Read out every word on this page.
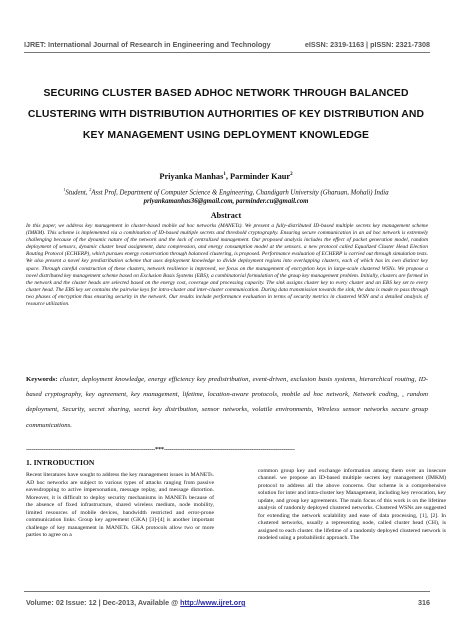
IJRET: International Journal of Research in Engineering and Technology	eISSN: 2319-1163 | pISSN: 2321-7308
SECURING CLUSTER BASED ADHOC NETWORK THROUGH BALANCED CLUSTERING WITH DISTRIBUTION AUTHORITIES OF KEY DISTRIBUTION AND KEY MANAGEMENT USING DEPLOYMENT KNOWLEDGE
Priyanka Manhas$^1$, Parminder Kaur$^2$
$^1$Student, $^2$Asst Prof, Department of Computer Science & Engineering, Chandigarh University (Gharuan, Mohali) India
priyankamanhas36@gmail.com, parminder.cu@gmail.com
Abstract
In this paper, we address key management in cluster-based mobile ad hoc networks (MANETs). We present a fully-distributed ID-based multiple secrets key management scheme (IMKM). This scheme is implemented via a combination of ID-based multiple secrets and threshold cryptography. Ensuring secure communication in an ad hoc network is extremely challenging because of the dynamic nature of the network and the lack of centralized management. Our proposed analysis includes the effect of packet generation model, random deployment of sensors, dynamic cluster head assignment, data compression, and energy consumption model at the sensors. a new protocol called Equalized Cluster Head Election Routing Protocol (ECHERP), which pursues energy conservation through balanced clustering, is proposed. Performance evaluation of ECHERP is carried out through simulation tests. We also present a novel key predistribution scheme that uses deployment knowledge to divide deployment regions into overlapping clusters, each of which has its own distinct key space. Through careful construction of these clusters, network resilience is improved, we focus on the management of encryption keys in large-scale clustered WSNs. We propose a novel distributed key management scheme based on Exclusion Basis Systems (EBS); a combinatorial formulation of the group key management problem. Initially, clusters are formed in the network and the cluster heads are selected based on the energy cost, coverage and processing capacity. The sink assigns cluster key to every cluster and an EBS key set to every cluster head. The EBS key set contains the pairwise keys for intra-cluster and inter-cluster communication. During data transmission towards the sink, the data is made to pass through two phases of encryption thus ensuring security in the network. Our results include performance evaluation in terms of security metrics in clustered WSN and a detailed analysis of resource utilization.
Keywords: cluster, deployment knowledge, energy efficiency key predistribution, event-driven, exclusion basis systems, hierarchical routing, ID-based cryptography, key agreement, key management, lifetime, location-aware protocols, mobile ad hoc network, Network coding, , random deployment, Security, secret sharing, secret key distribution, sensor networks, volatile environments, Wireless sensor networks secure group communications.
--------------------------------------------------------------------***---------------------------------------------------------------------
1. INTRODUCTION
Recent literatures have sought to address the key management issues in MANETs. AD hoc networks are subject to various types of attacks ranging from passive eavesdropping to active impersonation, message replay, and message distortion. Moreover, it is difficult to deploy security mechanisms in MANETs because of the absence of fixed infrastructure, shared wireless medium, node mobility, limited resources of mobile devices, bandwidth restricted and error-prone communication links. Group key agreement (GKA) [3]-[4] is another important challenge of key management in MANETs. GKA protocols allow two or more parties to agree on a
common group key and exchange information among them over an insecure channel. we propose an ID-based multiple secrets key management (IMKM) protocol to address all the above concerns. Our scheme is a comprehensive solution for inter and intra-cluster key Management, including key revocation, key update, and group key agreements. The main focus of this work is on the lifetime analysis of randomly deployed clustered networks. Clustered WSNs are suggested for extending the network scalability and ease of data processing, [1], [2]. In clustered networks, usually a representing node, called cluster head (CH), is assigned to each cluster. the lifetime of a randomly deployed clustered network is modeled using a probabilistic approach. The
Volume: 02 Issue: 12 | Dec-2013, Available @ http://www.ijret.org	316
